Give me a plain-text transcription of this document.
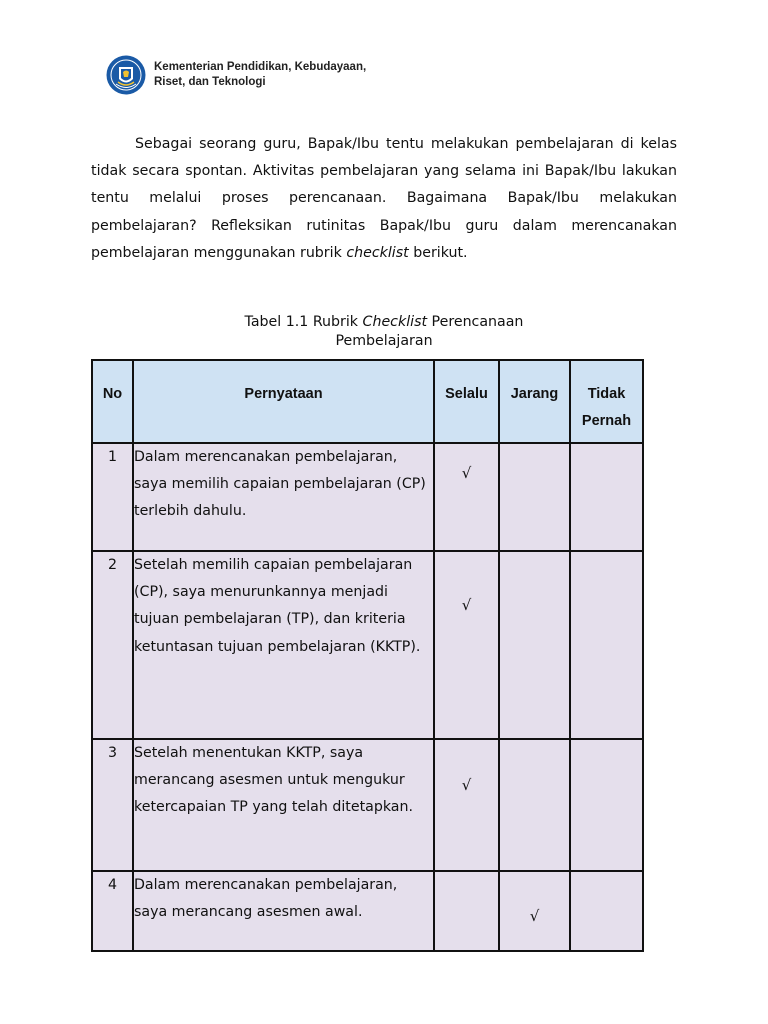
Kementerian Pendidikan, Kebudayaan,
Riset, dan Teknologi

Sebagai seorang guru, Bapak/Ibu tentu melakukan pembelajaran di kelas tidak secara spontan. Aktivitas pembelajaran yang selama ini Bapak/Ibu lakukan tentu melalui proses perencanaan. Bagaimana Bapak/Ibu melakukan pembelajaran? Refleksikan rutinitas Bapak/Ibu guru dalam merencanakan pembelajaran menggunakan rubrik checklist berikut.

Tabel 1.1 Rubrik Checklist Perencanaan
Pembelajaran
No	Pernyataan	Selalu	Jarang	Tidak
Pernah

1	Dalam merencanakan pembelajaran, saya memilih capaian pembelajaran (CP) terlebih dahulu.	√		

2	Setelah memilih capaian pembelajaran (CP), saya menurunkannya menjadi tujuan pembelajaran (TP), dan kriteria ketuntasan tujuan pembelajaran (KKTP).	√		

3	Setelah menentukan KKTP, saya merancang asesmen untuk mengukur ketercapaian TP yang telah ditetapkan.	√		

4	Dalam merencanakan pembelajaran, saya merancang asesmen awal.		√	
